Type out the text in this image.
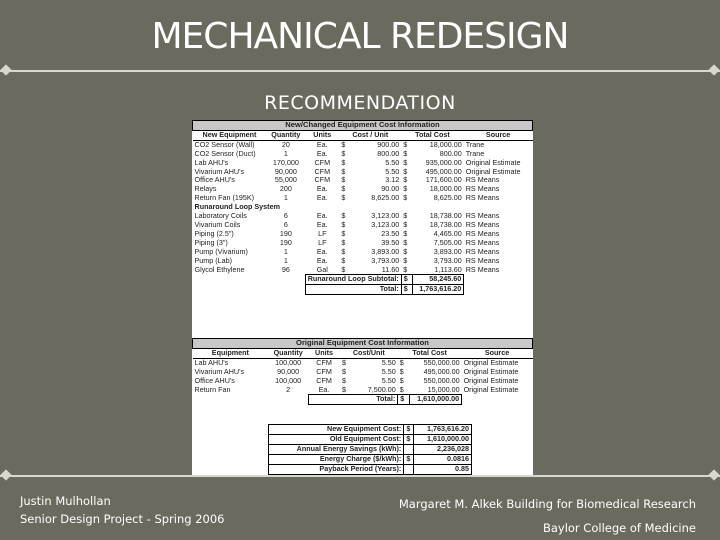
MECHANICAL REDESIGN
RECOMMENDATION
New/Changed Equipment Cost Information							
New Equipment	Quantity	Units	Cost / Unit		Total Cost		Source
CO2 Sensor (Wall)	20	Ea.	$	900.00	$	18,000.00	Trane
CO2 Sensor (Duct)	1	Ea.	$	800.00	$	800.00	Trane
Lab AHU's	170,000	CFM	$	5.50	$	935,000.00	Original Estimate
Vivarium AHU's	90,000	CFM	$	5.50	$	495,000.00	Original Estimate
Office AHU's	55,000	CFM	$	3.12	$	171,600.00	RS Means
Relays	200	Ea.	$	90.00	$	18,000.00	RS Means
Return Fan (195K)	1	Ea.	$	8,625.00	$	8,625.00	RS Means
Runaround Loop System							
Laboratory Coils	6	Ea.	$	3,123.00	$	18,738.00	RS Means
Vivarium Coils	6	Ea.	$	3,123.00	$	18,738.00	RS Means
Piping (2.5")	190	LF	$	23.50	$	4,465.00	RS Means
Piping (3")	190	LF	$	39.50	$	7,505.00	RS Means
Pump (Vivarium)	1	Ea.	$	3,893.00	$	3,893.00	RS Means
Pump (Lab)	1	Ea.	$	3,793.00	$	3,793.00	RS Means
Glycol Ethylene	96	Gal	$	11.60	$	1,113.60	RS Means
		Runaround Loop Subtotal:			$	58,245.60	
		Total:			$	1,763,616.20	
Original Equipment Cost Information							
Equipment	Quantity	Units	Cost/Unit		Total Cost		Source
Lab AHU's	100,000	CFM	$	5.50	$	550,000.00	Original Estimate
Vivarium AHU's	90,000	CFM	$	5.50	$	495,000.00	Original Estimate
Office AHU's	100,000	CFM	$	5.50	$	550,000.00	Original Estimate
Return Fan	2	Ea.	$	7,500.00	$	15,000.00	Original Estimate
		Total:			$	1,610,000.00	
New Equipment Cost:	$	1,763,616.20
Old Equipment Cost:	$	1,610,000.00
Annual Energy Savings (kWh):		2,236,028
Energy Charge ($/kWh):	$	0.0816
Payback Period (Years):		0.85
Justin Mulhollan
Senior Design Project - Spring 2006
Margaret M. Alkek Building for Biomedical Research
Baylor College of Medicine
